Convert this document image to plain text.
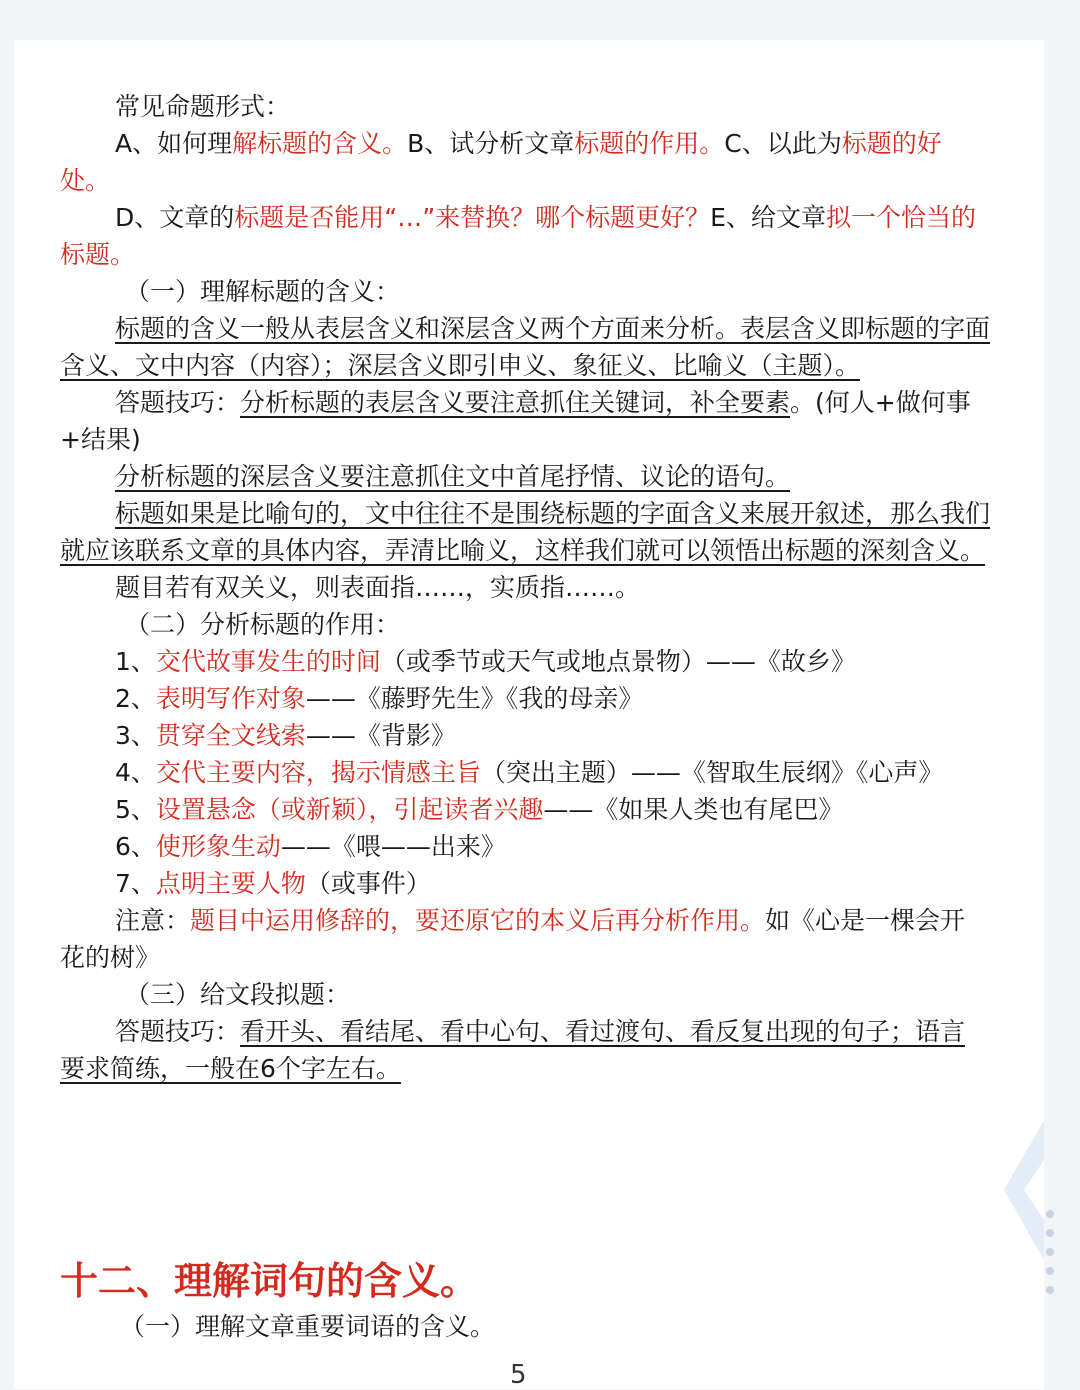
常见命题形式：

A、如何理解标题的含义。B、试分析文章标题的作用。C、以此为标题的好处。

D、文章的标题是否能用“…”来替换？哪个标题更好？E、给文章拟一个恰当的标题。

（一）理解标题的含义：

标题的含义一般从表层含义和深层含义两个方面来分析。表层含义即标题的字面含义、文中内容（内容）；深层含义即引申义、象征义、比喻义（主题）。

答题技巧：分析标题的表层含义要注意抓住关键词，补全要素。(何人+做何事+结果)

分析标题的深层含义要注意抓住文中首尾抒情、议论的语句。

标题如果是比喻句的，文中往往不是围绕标题的字面含义来展开叙述，那么我们就应该联系文章的具体内容，弄清比喻义，这样我们就可以领悟出标题的深刻含义。

题目若有双关义，则表面指……，实质指……。

（二）分析标题的作用：

1、交代故事发生的时间（或季节或天气或地点景物）——《故乡》

2、表明写作对象——《藤野先生》《我的母亲》

3、贯穿全文线索——《背影》

4、交代主要内容，揭示情感主旨（突出主题）——《智取生辰纲》《心声》

5、设置悬念（或新颖），引起读者兴趣——《如果人类也有尾巴》

6、使形象生动——《喂——出来》

7、点明主要人物（或事件）

注意：题目中运用修辞的，要还原它的本义后再分析作用。如《心是一棵会开花的树》

（三）给文段拟题：

答题技巧：看开头、看结尾、看中心句、看过渡句、看反复出现的句子；语言要求简练，一般在6个字左右。

十二、理解词句的含义。
（一）理解文章重要词语的含义。
5
